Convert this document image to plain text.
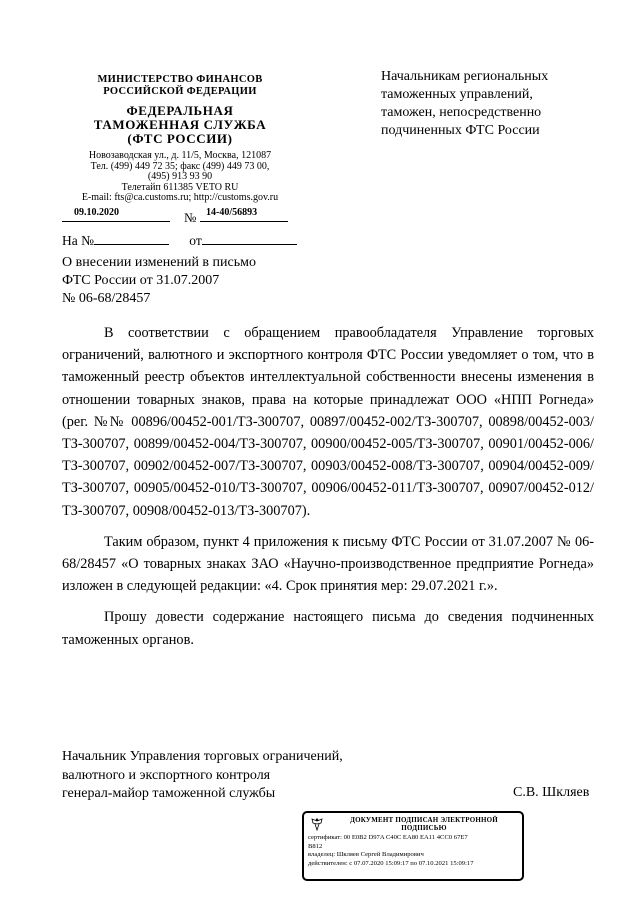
МИНИСТЕРСТВО ФИНАНСОВ
РОССИЙСКОЙ ФЕДЕРАЦИИ
ФЕДЕРАЛЬНАЯ
ТАМОЖЕННАЯ СЛУЖБА
(ФТС РОССИИ)
Новозаводская ул., д. 11/5, Москва, 121087
Тел. (499) 449 72 35; факс (499) 449 73 00,
(495) 913 93 90
Телетайп 611385 VETO RU
E-mail: fts@ca.customs.ru; http://customs.gov.ru
09.10.2020	№ 14-40/56893
На №	от
О внесении изменений в письмо
ФТС России от 31.07.2007
№ 06-68/28457
Начальникам региональных
таможенных управлений,
таможен, непосредственно
подчиненных ФТС России

В соответствии с обращением правообладателя Управление торговых ограничений, валютного и экспортного контроля ФТС России уведомляет о том, что в таможенный реестр объектов интеллектуальной собственности внесены изменения в отношении товарных знаков, права на которые принадлежат ООО «НПП Рогнеда» (рег. №№ 00896/00452-001/ТЗ-300707, 00897/00452-002/ТЗ-300707, 00898/00452-003/ТЗ-300707, 00899/00452-004/ТЗ-300707, 00900/00452-005/ТЗ-300707, 00901/00452-006/ТЗ-300707, 00902/00452-007/ТЗ-300707, 00903/00452-008/ТЗ-300707, 00904/00452-009/ТЗ-300707, 00905/00452-010/ТЗ-300707, 00906/00452-011/ТЗ-300707, 00907/00452-012/ТЗ-300707, 00908/00452-013/ТЗ-300707).

Таким образом, пункт 4 приложения к письму ФТС России от 31.07.2007 № 06-68/28457 «О товарных знаках ЗАО «Научно-производственное предприятие Рогнеда» изложен в следующей редакции: «4. Срок принятия мер: 29.07.2021 г.».

Прошу довести содержание настоящего письма до сведения подчиненных таможенных органов.

Начальник Управления торговых ограничений,
валютного и экспортного контроля
генерал-майор таможенной службы	С.В. Шкляев
ДОКУМЕНТ ПОДПИСАН ЭЛЕКТРОННОЙ
ПОДПИСЬЮ
сертификат: 00 E0B2 D97A C40C EA80 EA11 4CC0 67E7
B812
владелец: Шкляев Сергей Владимирович
действителен: с 07.07.2020 15:09:17 по 07.10.2021 15:09:17
